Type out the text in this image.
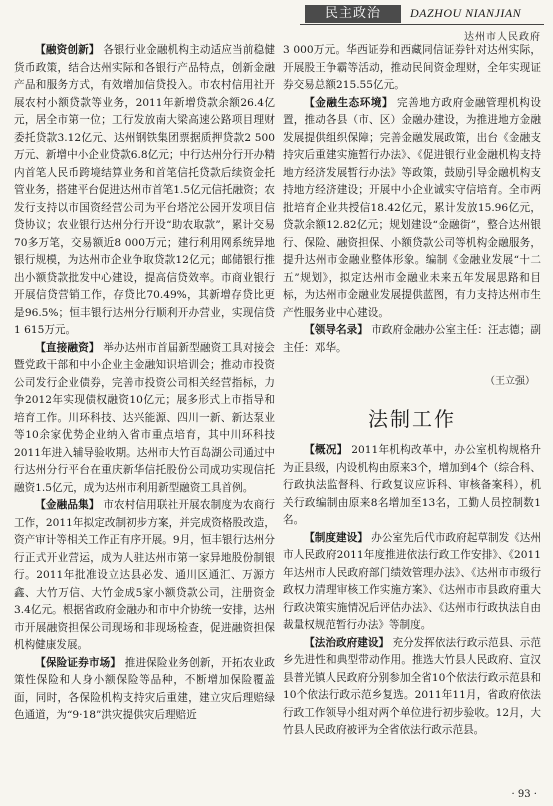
民主政治	DAZHOU NIANJIAN
达州市人民政府

【融资创新】 各银行业金融机构主动适应当前稳健货币政策，结合达州实际和各银行产品特点，创新金融产品和服务方式，有效增加信贷投入。市农村信用社开展农村小额贷款等业务，2011年新增贷款余额26.4亿元，居全市第一位；工行发放南大梁高速公路项目理财委托贷款3.12亿元、达州钢铁集团票据质押贷款2 500万元、新增中小企业贷款6.8亿元；中行达州分行开办精内首笔人民币跨境结算业务和首笔信托贷款后续资金托管业务，搭建平台促进达州市首笔1.5亿元信托融资；农发行支持以市国资经营公司为平台塔沱公园开发项目信贷协议；农业银行达州分行开设“助农取款”，累计交易70多万笔，交易额近8 000万元；建行利用网系统异地银行规模，为达州市企业争取贷款12亿元；邮储银行推出小额贷款批发中心建设，提高信贷效率。市商业银行开展信贷营销工作，存贷比70.49%，其新增存贷比更是96.5%；恒丰银行达州分行顺利开办营业，实现信贷1 615万元。

【直接融资】 举办达州市首届新型融资工具对接会暨党政干部和中小企业主金融知识培训会；推动市投资公司发行企业债券，完善市投资公司相关经营指标，力争2012年实现债权融资10亿元；展多形式上市指导和培育工作。川环科技、达兴能源、四川一新、新达泵业等10余家优势企业纳入省市重点培育，其中川环科技2011年进入辅导验收期。达州市大竹百岛湖公司通过中行达州分行平台在重庆新华信托股份公司成功实现信托融资1.5亿元，成为达州市利用新型融资工具首例。

【金融品集】 市农村信用联社开展农制度为农商行工作，2011年拟定改制初步方案，并完成资格股改造，资产审计等相关工作正有序开展。9月，恒丰银行达州分行正式开业营运，成为人驻达州市第一家异地股份制银行。2011年批准设立达县必发、通川区通汇、万源方鑫、大竹万信、大竹金成5家小额贷款公司，注册资金3.4亿元。根据省政府金融办和市中介协统一安排，达州市开展融资担保公司现场和非现场检查，促进融资担保机构健康发展。

【保险证券市场】 推进保险业务创新，开拓农业政策性保险和人身小额保险等品种，不断增加保险覆盖面，同时，各保险机构支持灾后重建，建立灾后理赔绿色通道，为“9·18”洪灾提供灾后理赔近

3 000万元。华西证券和西藏同信证券针对达州实际，开展股王争霸等活动，推动民间资金理财，全年实现证券交易总额215.55亿元。

【金融生态环境】 完善地方政府金融管理机构设置，推动各县（市、区）金融办建设，为推进地方金融发展提供组织保障；完善金融发展政策，出台《金融支持灾后重建实施暂行办法》、《促进银行业金融机构支持地方经济发展暂行办法》等政策，鼓励引导金融机构支持地方经济建设；开展中小企业诚实守信培育。全市两批培育企业共授信18.42亿元，累计发放15.96亿元，贷款余额12.82亿元；规划建设“金融街”，整合达州银行、保险、融资担保、小额贷款公司等机构金融服务，提升达州市金融业整体形象。编制《金融业发展“十二五”规划》，拟定达州市金融业未来五年发展思路和目标，为达州市金融业发展提供蓝图，有力支持达州市生产性服务业中心建设。

【领导名录】 市政府金融办公室主任：汪志德；副主任：邓华。

（王立强）
法制工作

【概况】 2011年机构改革中，办公室机构规格升为正县级，内设机构由原来3个，增加到4个（综合科、行政执法监督科、行政复议应诉科、审核备案科），机关行政编制由原来8名增加至13名，工勤人员控制数1名。

【制度建设】 办公室先后代市政府起草制发《达州市人民政府2011年度推进依法行政工作安排》、《2011年达州市人民政府部门绩效管理办法》、《达州市市级行政权力清理审核工作实施方案》、《达州市市县政府重大行政决策实施情况后评估办法》、《达州市行政执法自由裁量权规范暂行办法》等制度。

【法治政府建设】 充分发挥依法行政示范县、示范乡先进性和典型带动作用。推选大竹县人民政府、宣汉县普光镇人民政府分别参加全省10个依法行政示范县和10个依法行政示范乡复选。2011年11月，省政府依法行政工作领导小组对两个单位进行初步验收。12月，大竹县人民政府被评为全省依法行政示范县。

· 93 ·
